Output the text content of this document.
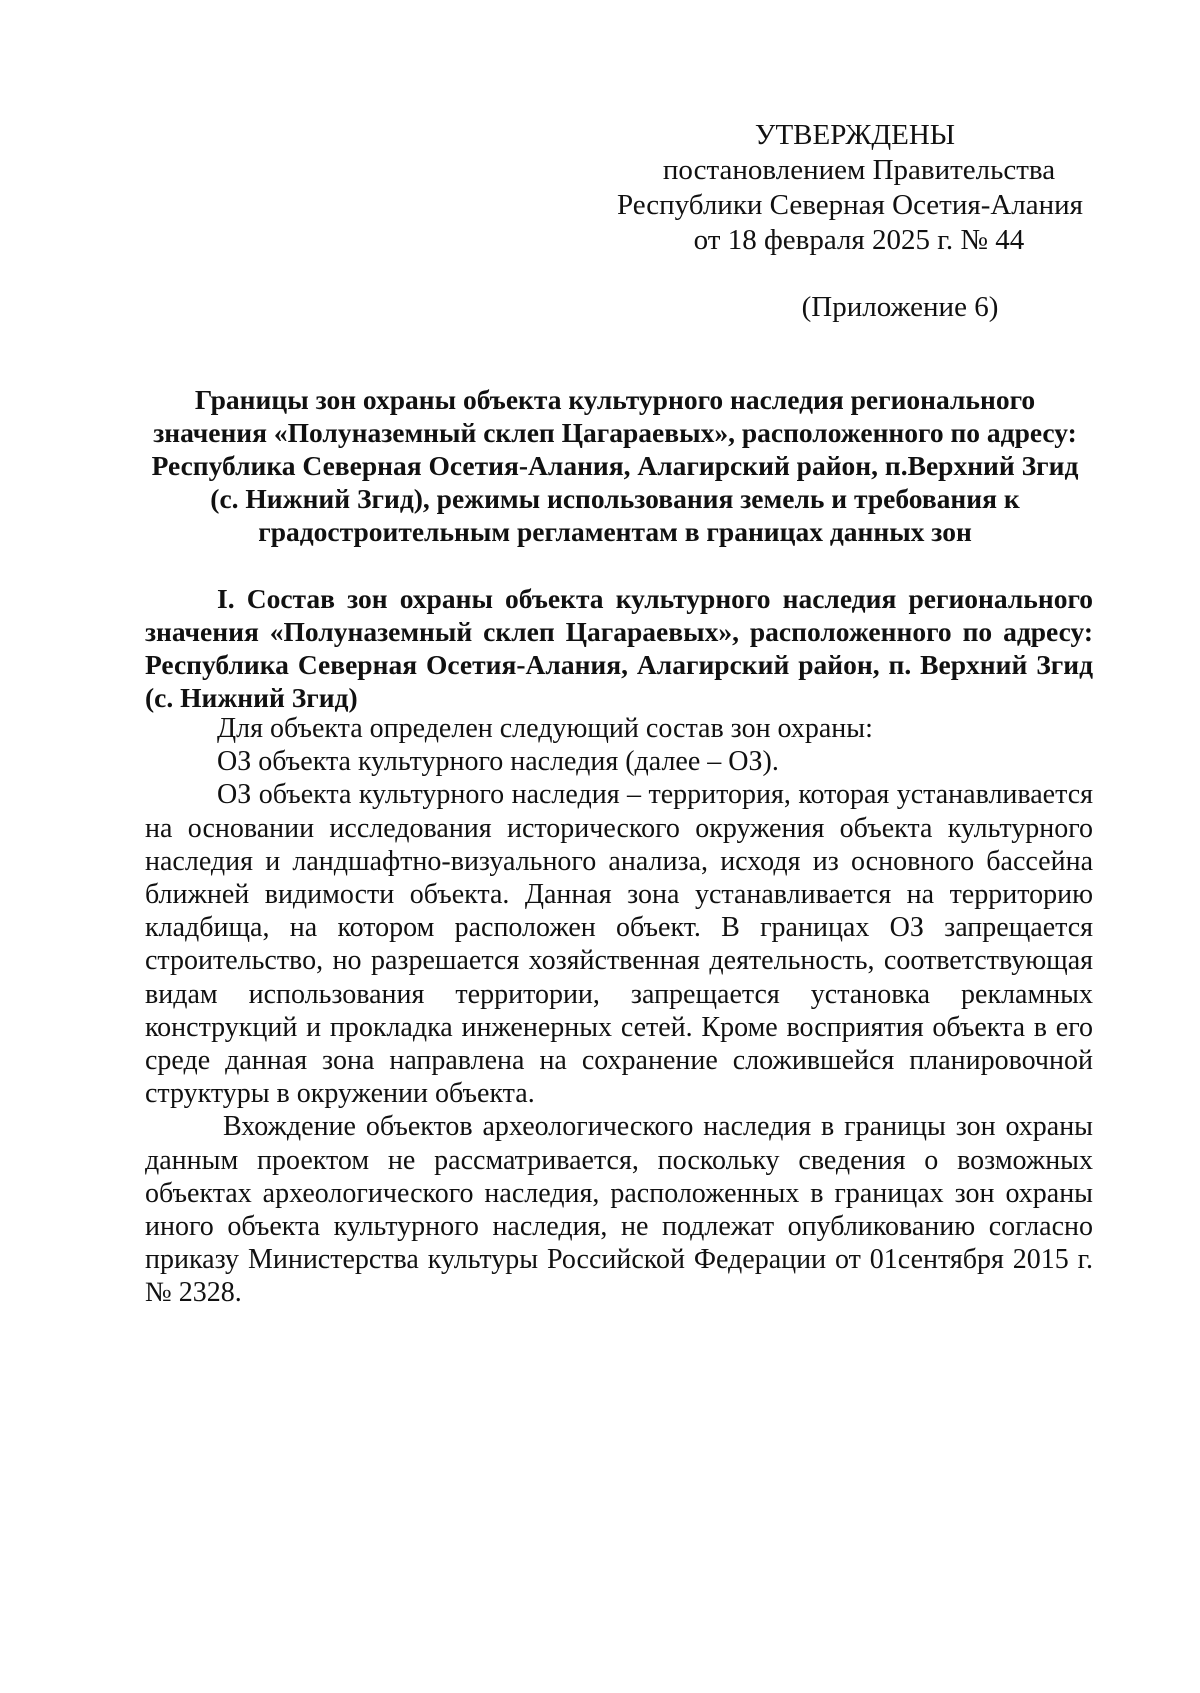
УТВЕРЖДЕНЫ
постановлением Правительства
Республики Северная Осетия-Алания
от 18 февраля 2025 г. № 44
(Приложение 6)
Границы зон охраны объекта культурного наследия регионального значения «Полуназемный склеп Цагараевых», расположенного по адресу: Республика Северная Осетия-Алания, Алагирский район, п.Верхний Згид (с. Нижний Згид), режимы использования земель и требования к градостроительным регламентам в границах данных зон
I. Состав зон охраны объекта культурного наследия регионального значения «Полуназемный склеп Цагараевых», расположенного по адресу: Республика Северная Осетия-Алания, Алагирский район, п. Верхний Згид (с. Нижний Згид)

Для объекта определен следующий состав зон охраны:

ОЗ объекта культурного наследия (далее – ОЗ).

ОЗ объекта культурного наследия – территория, которая устанавливается на основании исследования исторического окружения объекта культурного наследия и ландшафтно-визуального анализа, исходя из основного бассейна ближней видимости объекта. Данная зона устанавливается на территорию кладбища, на котором расположен объект. В границах ОЗ запрещается строительство, но разрешается хозяйственная деятельность, соответствующая видам использования территории, запрещается установка рекламных конструкций и прокладка инженерных сетей. Кроме восприятия объекта в его среде данная зона направлена на сохранение сложившейся планировочной структуры в окружении объекта.

Вхождение объектов археологического наследия в границы зон охраны данным проектом не рассматривается, поскольку сведения о возможных объектах археологического наследия, расположенных в границах зон охраны иного объекта культурного наследия, не подлежат опубликованию согласно приказу Министерства культуры Российской Федерации от 01сентября 2015 г. № 2328.
